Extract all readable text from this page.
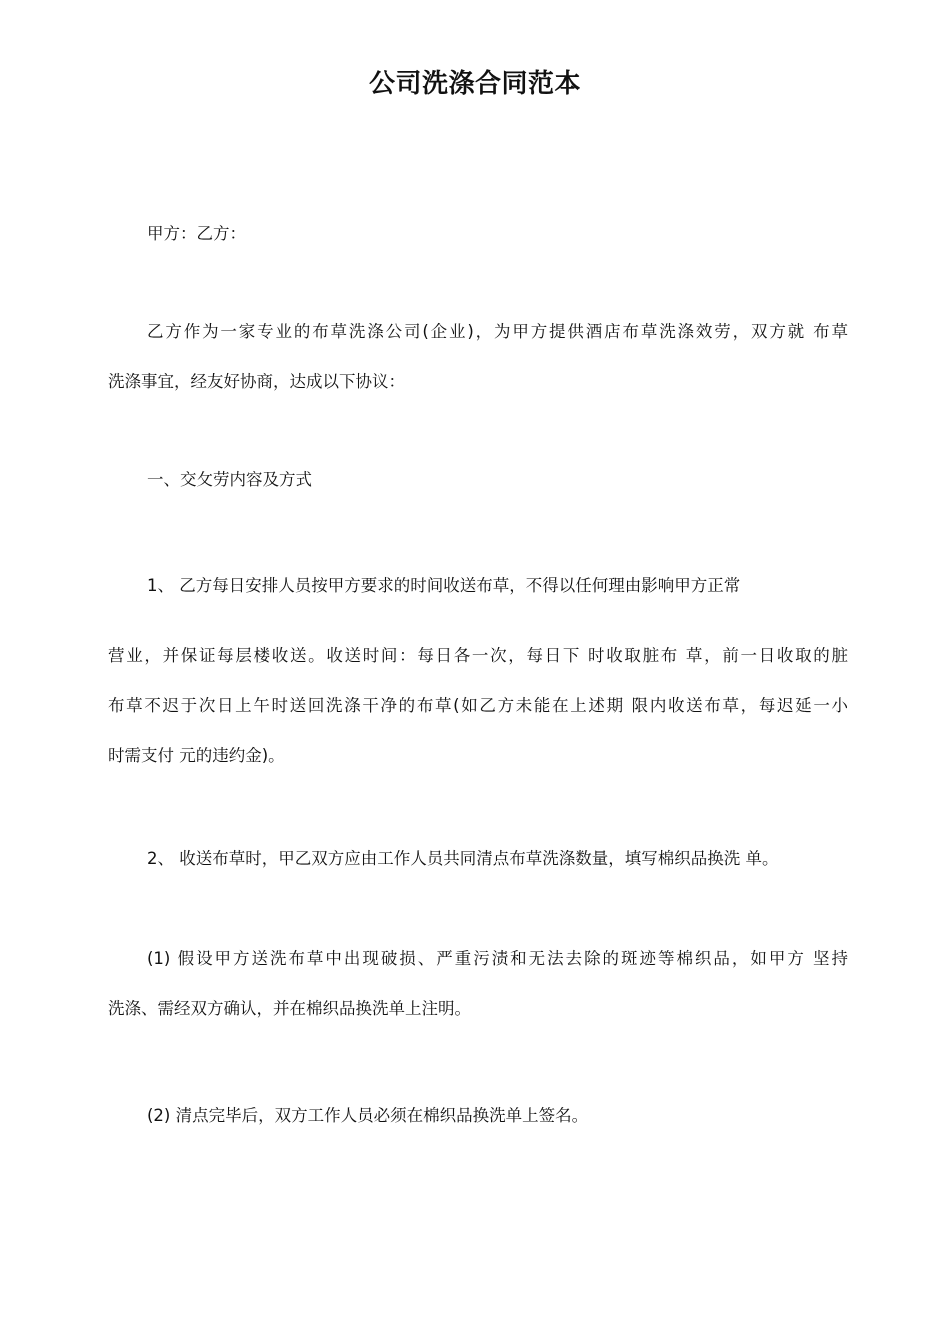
公司洗涤合同范本
甲方：乙方：
乙方作为一家专业的布草洗涤公司(企业)，为甲方提供酒店布草洗涤效劳，双方就 布草
洗涤事宜，经友好协商，达成以下协议：
一、交攵劳内容及方式
1、 乙方每日安排人员按甲方要求的时间收送布草，不得以任何理由影响甲方正常
营业，并保证每层楼收送。收送时间：每日各一次，每日下 时收取脏布 草，前一日收取的脏
布草不迟于次日上午时送回洗涤干净的布草(如乙方未能在上述期 限内收送布草，每迟延一小
时需支付 元的违约金)。
2、 收送布草时，甲乙双方应由工作人员共同清点布草洗涤数量，填写棉织品换洗 单。
(1) 假设甲方送洗布草中出现破损、严重污渍和无法去除的斑迹等棉织品，如甲方 坚持
洗涤、需经双方确认，并在棉织品换洗单上注明。
(2) 清点完毕后，双方工作人员必须在棉织品换洗单上签名。
